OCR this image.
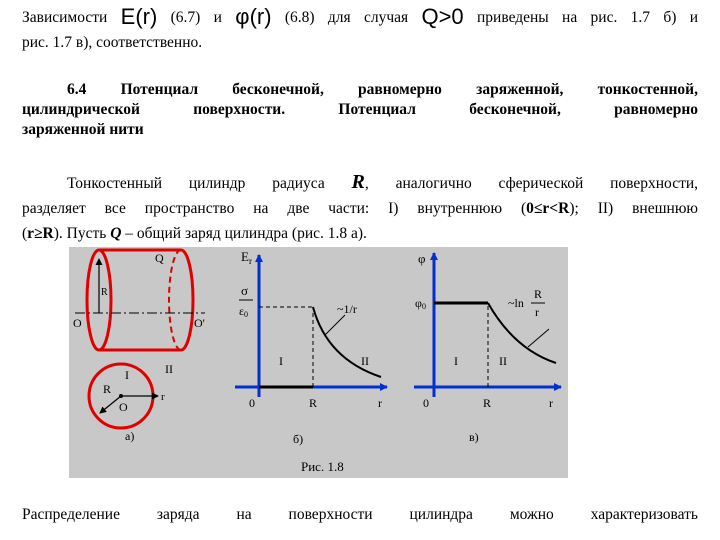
Зависимости E(r) (6.7) и φ(r) (6.8) для случая Q>0 приведены на рис. 1.7 б) и
рис. 1.7 в), соответственно.
6.4 Потенциал бесконечной, равномерно заряженной, тонкостенной,
цилиндрической поверхности. Потенциал бесконечной, равномерно
заряженной нити
Тонкостенный цилиндр радиуса R, аналогично сферической поверхности,
разделяет все пространство на две части: I) внутреннюю (0≤r<R); II) внешнюю
(r≥R). Пусть Q – общий заряд цилиндра (рис. 1.8 а).
R
Q
O	O'
I	II
R
O
r
а)
$E_r$
σ
ε0	~1/r
I	II
0	R	r
б)
φ
φ0	~ln
R
r
I	II
0	R	r
в)
Рис. 1.8
Распределение заряда на поверхности цилиндра можно характеризовать
